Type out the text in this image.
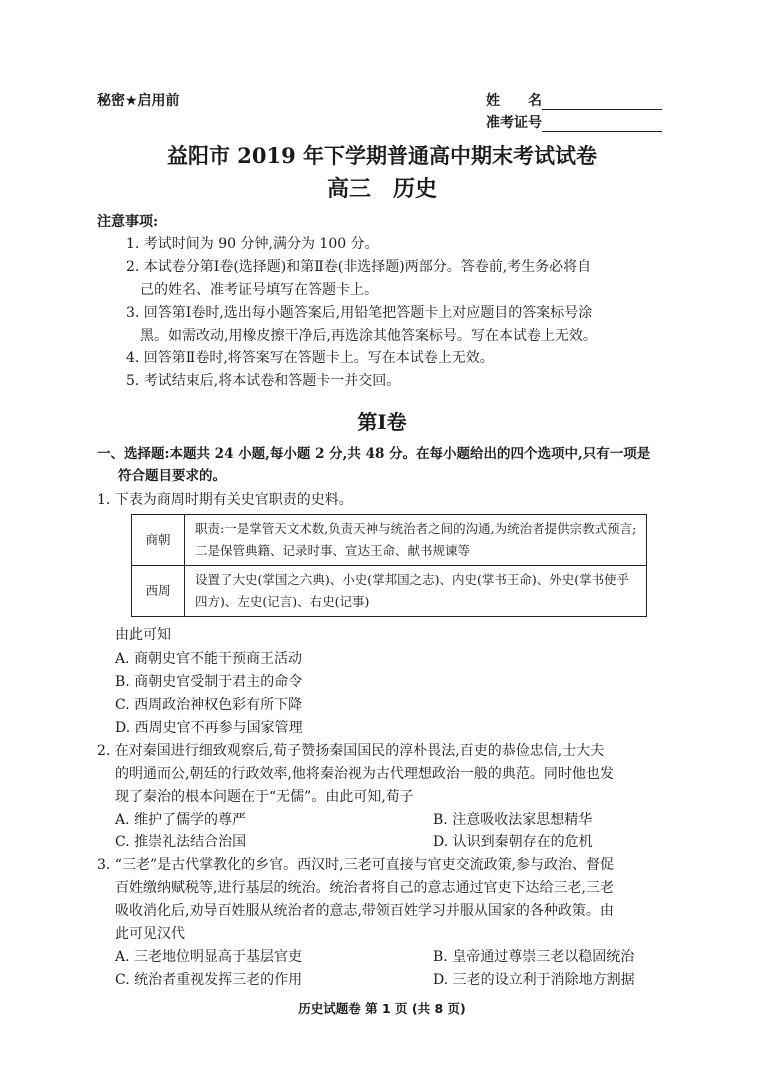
秘密★启用前	姓　　名
准考证号
益阳市 2019 年下学期普通高中期末考试试卷
高三　历史
注意事项:
1. 考试时间为 90 分钟,满分为 100 分。
2. 本试卷分第Ⅰ卷(选择题)和第Ⅱ卷(非选择题)两部分。答卷前,考生务必将自
己的姓名、准考证号填写在答题卡上。
3. 回答第Ⅰ卷时,选出每小题答案后,用铅笔把答题卡上对应题目的答案标号涂
黑。如需改动,用橡皮擦干净后,再选涂其他答案标号。写在本试卷上无效。
4. 回答第Ⅱ卷时,将答案写在答题卡上。写在本试卷上无效。
5. 考试结束后,将本试卷和答题卡一并交回。
第Ⅰ卷
一、选择题:本题共 24 小题,每小题 2 分,共 48 分。在每小题给出的四个选项中,只有一项是
符合题目要求的。
1. 下表为商周时期有关史官职责的史料。
商朝	职责:一是掌管天文术数,负责天神与统治者之间的沟通,为统治者提供宗教式预言;二是保管典籍、记录时事、宣达王命、献书规谏等
西周	设置了大史(掌国之六典)、小史(掌邦国之志)、内史(掌书王命)、外史(掌书使乎四方)、左史(记言)、右史(记事)
由此可知
A. 商朝史官不能干预商王活动
B. 商朝史官受制于君主的命令
C. 西周政治神权色彩有所下降
D. 西周史官不再参与国家管理
2. 在对秦国进行细致观察后,荀子赞扬秦国国民的淳朴畏法,百吏的恭俭忠信,士大夫
的明通而公,朝廷的行政效率,他将秦治视为古代理想政治一般的典范。同时他也发
现了秦治的根本问题在于“无儒”。由此可知,荀子
A. 维护了儒学的尊严	B. 注意吸收法家思想精华
C. 推崇礼法结合治国	D. 认识到秦朝存在的危机
3. “三老”是古代掌教化的乡官。西汉时,三老可直接与官吏交流政策,参与政治、督促
百姓缴纳赋税等,进行基层的统治。统治者将自己的意志通过官吏下达给三老,三老
吸收消化后,劝导百姓服从统治者的意志,带领百姓学习并服从国家的各种政策。由
此可见汉代
A. 三老地位明显高于基层官吏	B. 皇帝通过尊崇三老以稳固统治
C. 统治者重视发挥三老的作用	D. 三老的设立利于消除地方割据
历史试题卷 第 1 页 (共 8 页)
